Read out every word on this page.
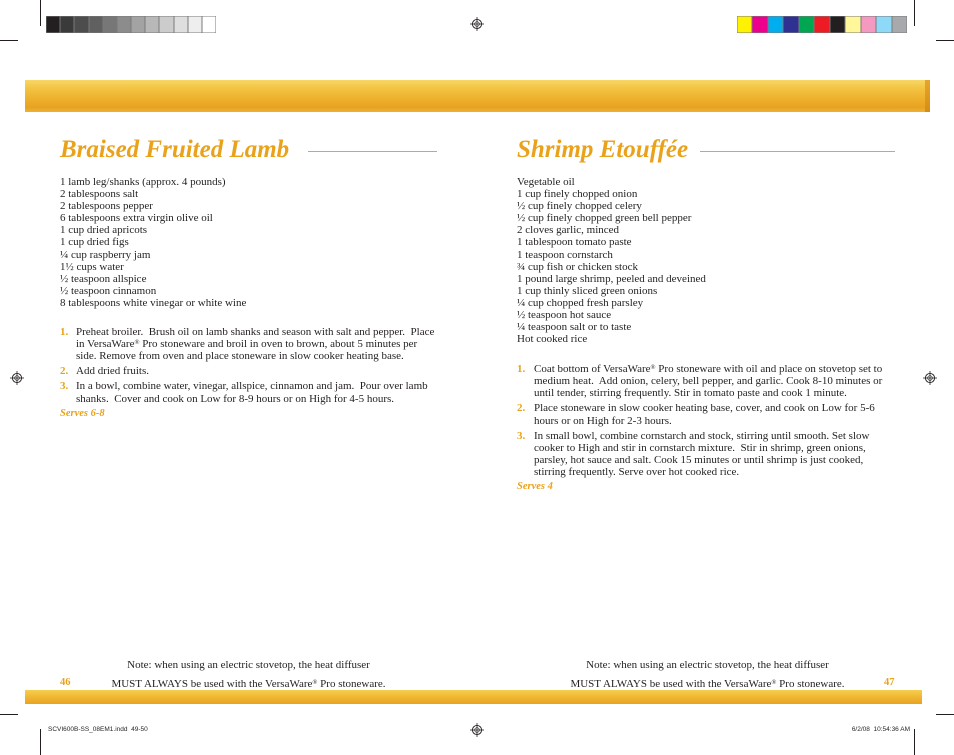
SCVI600B-SS_08EM1.indd  49-50	6/2/08  10:54:36 AM
Braised Fruited Lamb
1 lamb leg/shanks (approx. 4 pounds)
2 tablespoons salt
2 tablespoons pepper
6 tablespoons extra virgin olive oil
1 cup dried apricots
1 cup dried figs
¼ cup raspberry jam
1½ cups water
½ teaspoon allspice
½ teaspoon cinnamon
8 tablespoons white vinegar or white wine
1. Preheat broiler.  Brush oil on lamb shanks and season with salt and pepper.  Place
in VersaWare® Pro stoneware and broil in oven to brown, about 5 minutes per
side. Remove from oven and place stoneware in slow cooker heating base.
2. Add dried fruits.
3. In a bowl, combine water, vinegar, allspice, cinnamon and jam.  Pour over lamb
shanks.  Cover and cook on Low for 8-9 hours or on High for 4-5 hours.
Serves 6-8
Note: when using an electric stovetop, the heat diffuser
MUST ALWAYS be used with the VersaWare® Pro stoneware.
46
Shrimp Etouffée
Vegetable oil
1 cup finely chopped onion
½ cup finely chopped celery
½ cup finely chopped green bell pepper
2 cloves garlic, minced
1 tablespoon tomato paste
1 teaspoon cornstarch
¾ cup fish or chicken stock
1 pound large shrimp, peeled and deveined
1 cup thinly sliced green onions
¼ cup chopped fresh parsley
½ teaspoon hot sauce
¼ teaspoon salt or to taste
Hot cooked rice
1. Coat bottom of VersaWare® Pro stoneware with oil and place on stovetop set to
medium heat.  Add onion, celery, bell pepper, and garlic. Cook 8-10 minutes or
until tender, stirring frequently. Stir in tomato paste and cook 1 minute.
2. Place stoneware in slow cooker heating base, cover, and cook on Low for 5-6
hours or on High for 2-3 hours.
3. In small bowl, combine cornstarch and stock, stirring until smooth. Set slow
cooker to High and stir in cornstarch mixture.  Stir in shrimp, green onions,
parsley, hot sauce and salt. Cook 15 minutes or until shrimp is just cooked,
stirring frequently. Serve over hot cooked rice.
Serves 4
Note: when using an electric stovetop, the heat diffuser
MUST ALWAYS be used with the VersaWare® Pro stoneware.	47
